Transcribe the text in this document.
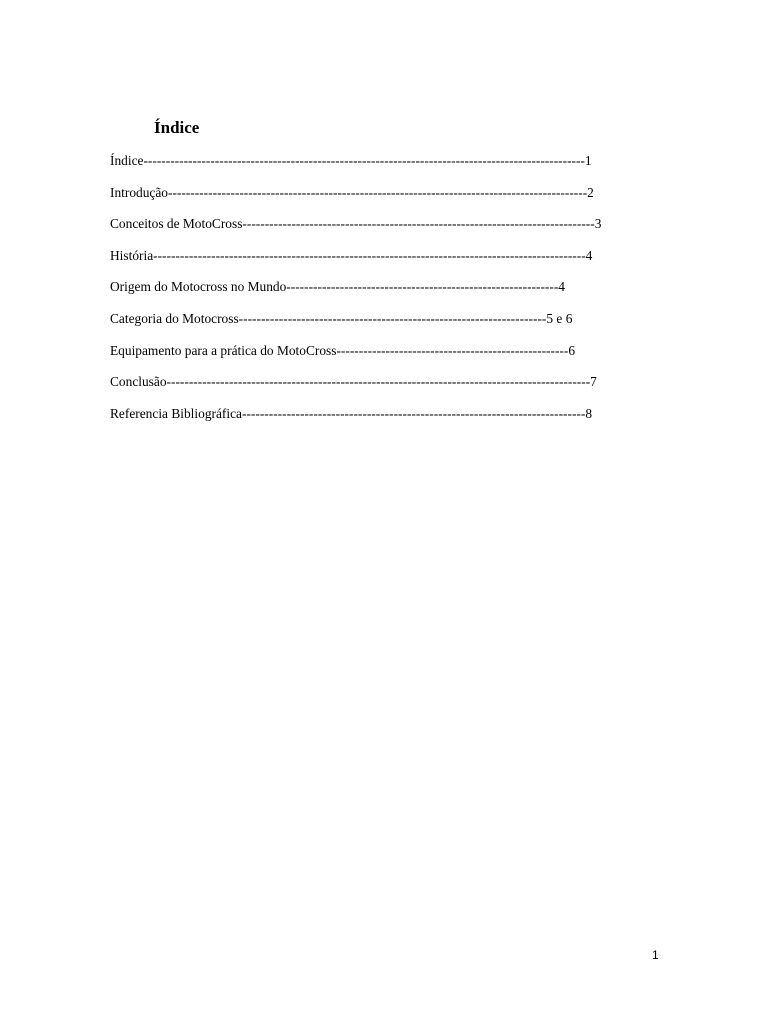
Índice
Índice---------------------------------------------------------------------------------------------------1
Introdução----------------------------------------------------------------------------------------------2
Conceitos de MotoCross-------------------------------------------------------------------------------3
História-------------------------------------------------------------------------------------------------4
Origem do Motocross no Mundo-------------------------------------------------------------4
Categoria do Motocross---------------------------------------------------------------------5 e 6
Equipamento para a prática do MotoCross----------------------------------------------------6
Conclusão-----------------------------------------------------------------------------------------------7
Referencia Bibliográfica-----------------------------------------------------------------------------8
1
